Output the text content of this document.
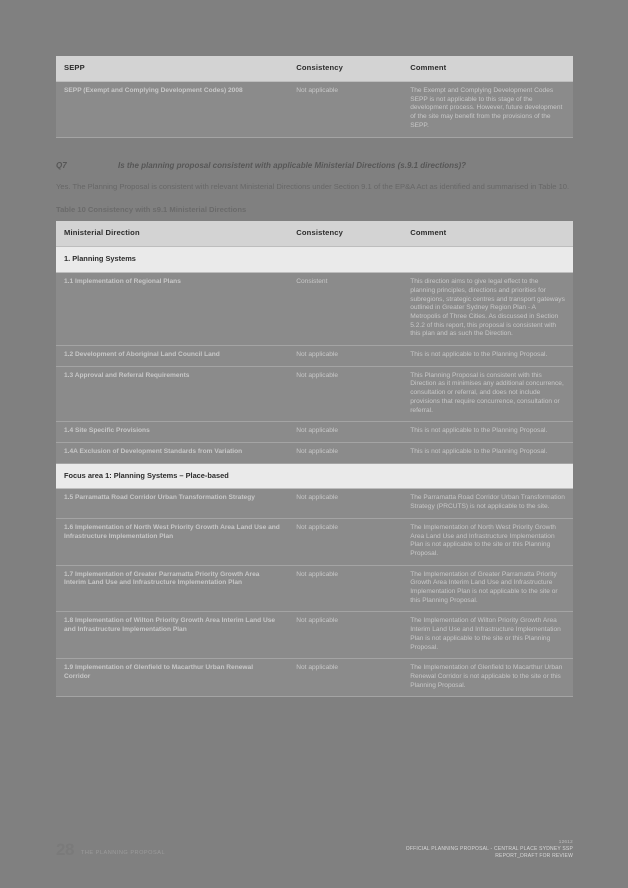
SEPP	Consistency	Comment
SEPP (Exempt and Complying Development Codes) 2008	Not applicable	The Exempt and Complying Development Codes SEPP is not applicable to this stage of the development process. However, future development of the site may benefit from the provisions of the SEPP.
Q7	Is the planning proposal consistent with applicable Ministerial Directions (s.9.1 directions)?
Yes. The Planning Proposal is consistent with relevant Ministerial Directions under Section 9.1 of the EP&A Act as identified and summarised in Table 10.
Table 10 Consistency with s9.1 Ministerial Directions
Ministerial Direction	Consistency	Comment
1. Planning Systems		
1.1 Implementation of Regional Plans	Consistent	This direction aims to give legal effect to the planning principles, directions and priorities for subregions, strategic centres and transport gateways outlined in Greater Sydney Region Plan - A Metropolis of Three Cities. As discussed in Section 5.2.2 of this report, this proposal is consistent with this plan and as such the Direction.
1.2 Development of Aboriginal Land Council Land	Not applicable	This is not applicable to the Planning Proposal.
1.3 Approval and Referral Requirements	Not applicable	This Planning Proposal is consistent with this Direction as it minimises any additional concurrence, consultation or referral, and does not include provisions that require concurrence, consultation or referral.
1.4 Site Specific Provisions	Not applicable	This is not applicable to the Planning Proposal.
1.4A Exclusion of Development Standards from Variation	Not applicable	This is not applicable to the Planning Proposal.
Focus area 1: Planning Systems – Place-based		
1.5 Parramatta Road Corridor Urban Transformation Strategy	Not applicable	The Parramatta Road Corridor Urban Transformation Strategy (PRCUTS) is not applicable to the site.
1.6 Implementation of North West Priority Growth Area Land Use and Infrastructure Implementation Plan	Not applicable	The Implementation of North West Priority Growth Area Land Use and Infrastructure Implementation Plan is not applicable to the site or this Planning Proposal.
1.7 Implementation of Greater Parramatta Priority Growth Area Interim Land Use and Infrastructure Implementation Plan	Not applicable	The Implementation of Greater Parramatta Priority Growth Area Interim Land Use and Infrastructure Implementation Plan is not applicable to the site or this Planning Proposal.
1.8 Implementation of Wilton Priority Growth Area Interim Land Use and Infrastructure Implementation Plan	Not applicable	The Implementation of Wilton Priority Growth Area Interim Land Use and Infrastructure Implementation Plan is not applicable to the site or this Planning Proposal.
1.9 Implementation of Glenfield to Macarthur Urban Renewal Corridor	Not applicable	The Implementation of Glenfield to Macarthur Urban Renewal Corridor is not applicable to the site or this Planning Proposal.
28 THE PLANNING PROPOSAL
12612
OFFICIAL PLANNING PROPOSAL - CENTRAL PLACE SYDNEY SSP
REPORT_DRAFT FOR REVIEW
